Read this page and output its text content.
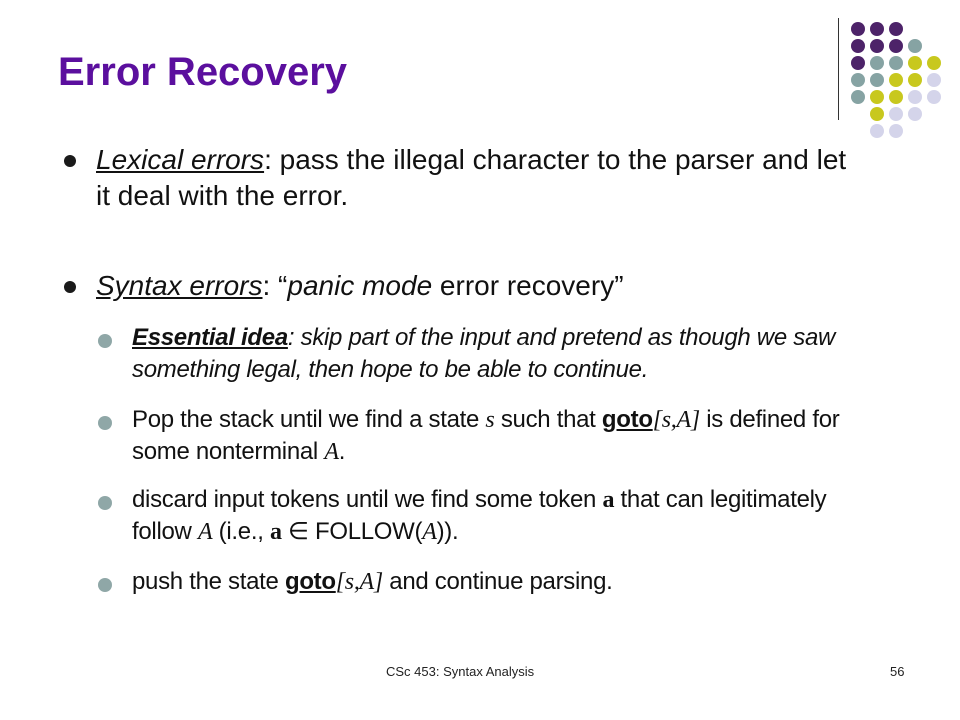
Error Recovery
Lexical errors: pass the illegal character to the parser and let it deal with the error.
Syntax errors: “panic mode error recovery”
Essential idea: skip part of the input and pretend as though we saw something legal, then hope to be able to continue.
Pop the stack until we find a state s such that goto[s,A] is defined for some nonterminal A.
discard input tokens until we find some token a that can legitimately follow A (i.e., a ∈ FOLLOW(A)).
push the state goto[s,A] and continue parsing.
CSc 453: Syntax Analysis	56
